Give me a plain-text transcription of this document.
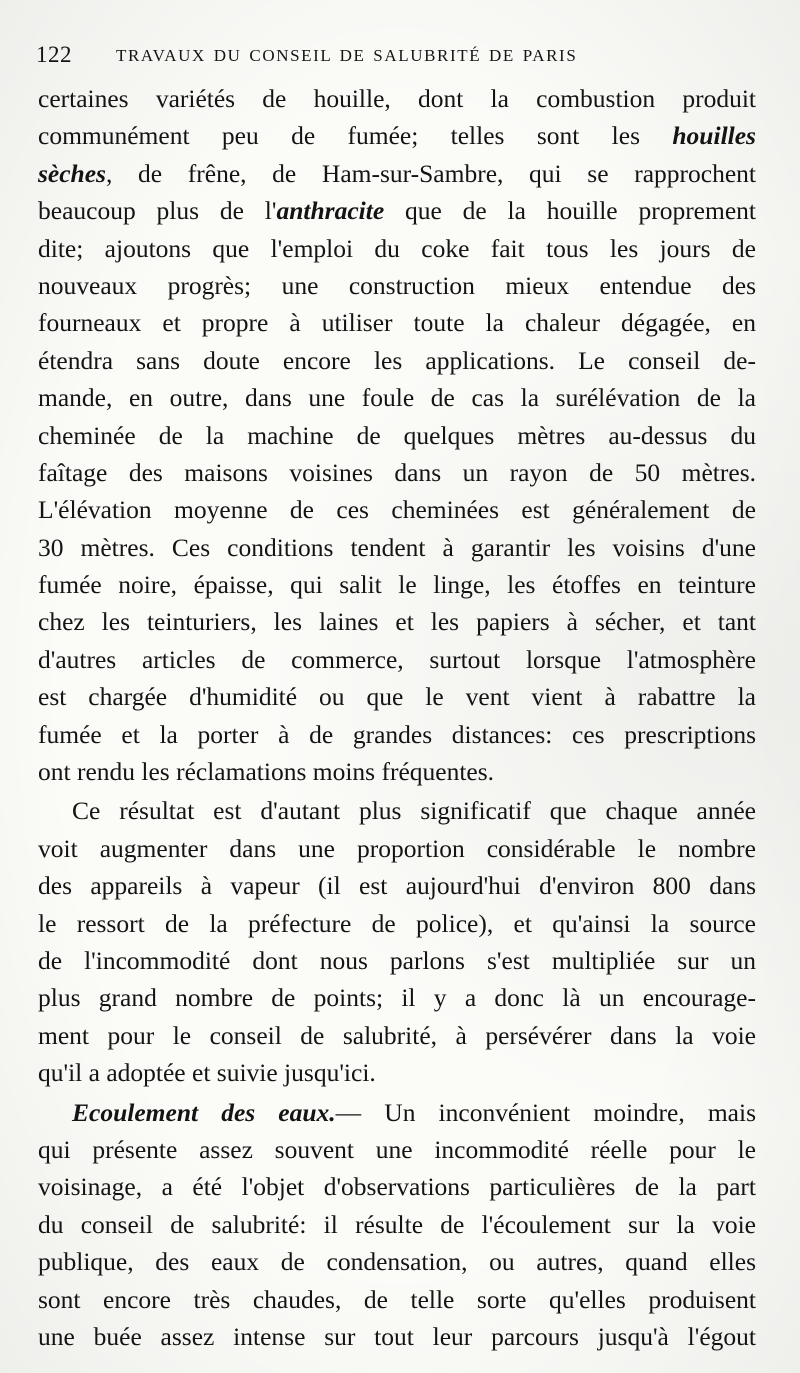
122	TRAVAUX DU CONSEIL DE SALUBRITÉ DE PARIS
certaines variétés de houille, dont la combustion produit
communément peu de fumée; telles sont les houilles
sèches, de frêne, de Ham-sur-Sambre, qui se rapprochent
beaucoup plus de l'anthracite que de la houille proprement
dite; ajoutons que l'emploi du coke fait tous les jours de
nouveaux progrès; une construction mieux entendue des
fourneaux et propre à utiliser toute la chaleur dégagée, en
étendra sans doute encore les applications. Le conseil de-
mande, en outre, dans une foule de cas la surélévation de la
cheminée de la machine de quelques mètres au-dessus du
faîtage des maisons voisines dans un rayon de 50 mètres.
L'élévation moyenne de ces cheminées est généralement de
30 mètres. Ces conditions tendent à garantir les voisins d'une
fumée noire, épaisse, qui salit le linge, les étoffes en teinture
chez les teinturiers, les laines et les papiers à sécher, et tant
d'autres articles de commerce, surtout lorsque l'atmosphère
est chargée d'humidité ou que le vent vient à rabattre la
fumée et la porter à de grandes distances: ces prescriptions
ont rendu les réclamations moins fréquentes.
Ce résultat est d'autant plus significatif que chaque année
voit augmenter dans une proportion considérable le nombre
des appareils à vapeur (il est aujourd'hui d'environ 800 dans
le ressort de la préfecture de police), et qu'ainsi la source
de l'incommodité dont nous parlons s'est multipliée sur un
plus grand nombre de points; il y a donc là un encourage-
ment pour le conseil de salubrité, à persévérer dans la voie
qu'il a adoptée et suivie jusqu'ici.
Ecoulement des eaux.— Un inconvénient moindre, mais
qui présente assez souvent une incommodité réelle pour le
voisinage, a été l'objet d'observations particulières de la part
du conseil de salubrité: il résulte de l'écoulement sur la voie
publique, des eaux de condensation, ou autres, quand elles
sont encore très chaudes, de telle sorte qu'elles produisent
une buée assez intense sur tout leur parcours jusqu'à l'égout
